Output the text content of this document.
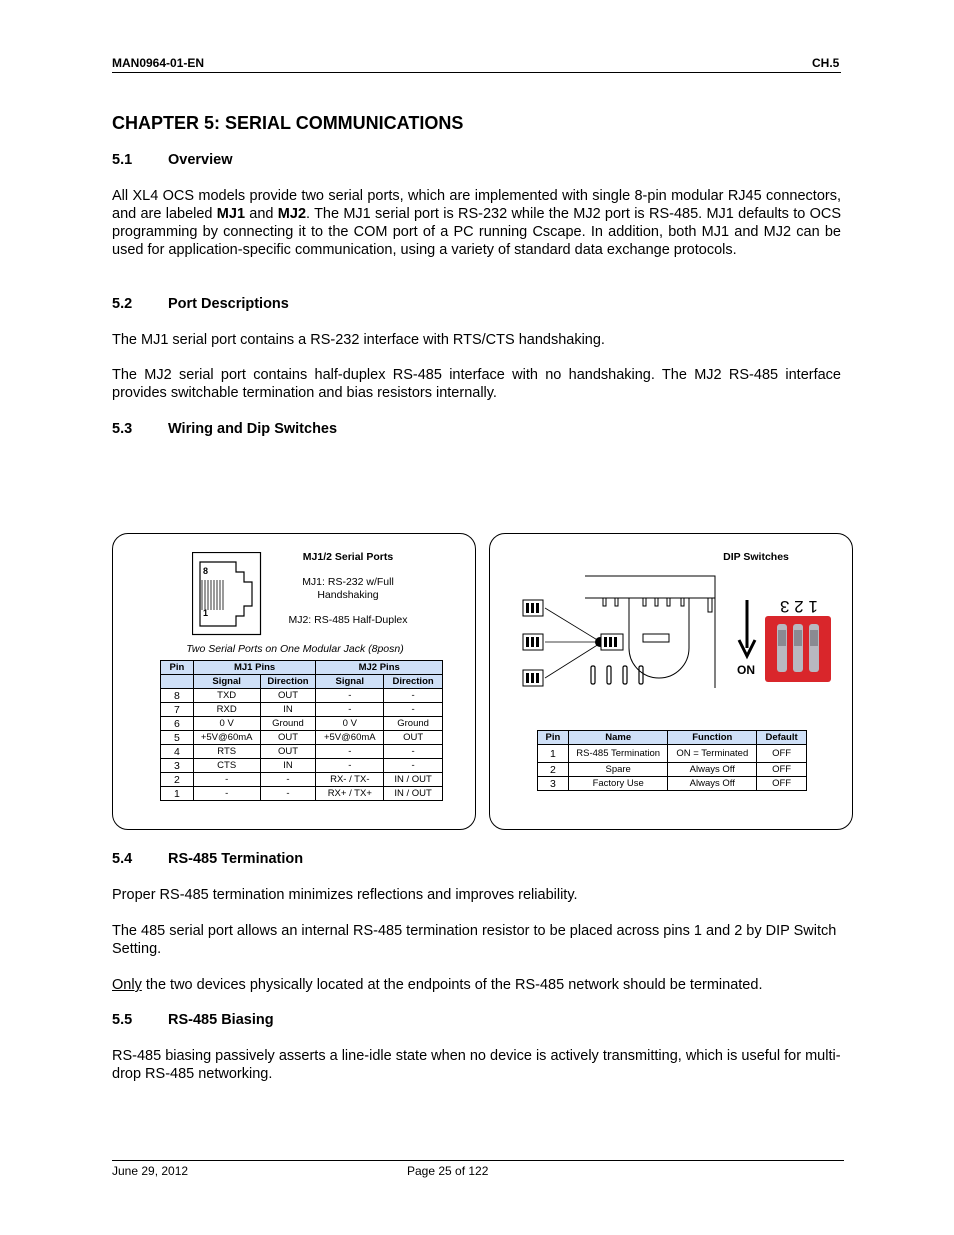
MAN0964-01-EN	CH.5
CHAPTER 5: SERIAL COMMUNICATIONS
5.1 Overview
All XL4 OCS models provide two serial ports, which are implemented with single 8-pin modular RJ45 connectors, and are labeled MJ1 and MJ2. The MJ1 serial port is RS-232 while the MJ2 port is RS-485. MJ1 defaults to OCS programming by connecting it to the COM port of a PC running Cscape. In addition, both MJ1 and MJ2 can be used for application-specific communication, using a variety of standard data exchange protocols.
5.2 Port Descriptions
The MJ1 serial port contains a RS-232 interface with RTS/CTS handshaking.
The MJ2 serial port contains half-duplex RS-485 interface with no handshaking. The MJ2 RS-485 interface provides switchable termination and bias resistors internally.
5.3 Wiring and Dip Switches
8
1
MJ1/2 Serial Ports
MJ1: RS-232 w/Full Handshaking
MJ2: RS-485 Half-Duplex
Two Serial Ports on One Modular Jack (8posn)
Pin	MJ1 Pins		MJ2 Pins	
	Signal	Direction	Signal	Direction
8	TXD	OUT	-	-
7	RXD	IN	-	-
6	0 V	Ground	0 V	Ground
5	+5V@60mA	OUT	+5V@60mA	OUT
4	RTS	OUT	-	-
3	CTS	IN	-	-
2	-	-	RX- / TX-	IN / OUT
1	-	-	RX+ / TX+	IN / OUT
DIP Switches
1 2 3
ON
Pin	Name	Function	Default
1	RS-485 Termination	ON = Terminated	OFF
2	Spare	Always Off	OFF
3	Factory Use	Always Off	OFF
5.4 RS-485 Termination
Proper RS-485 termination minimizes reflections and improves reliability.
The 485 serial port allows an internal RS-485 termination resistor to be placed across pins 1 and 2 by DIP Switch Setting.
Only the two devices physically located at the endpoints of the RS-485 network should be terminated.
5.5 RS-485 Biasing
RS-485 biasing passively asserts a line-idle state when no device is actively transmitting, which is useful for multi-drop RS-485 networking.
June 29, 2012	Page 25 of 122
